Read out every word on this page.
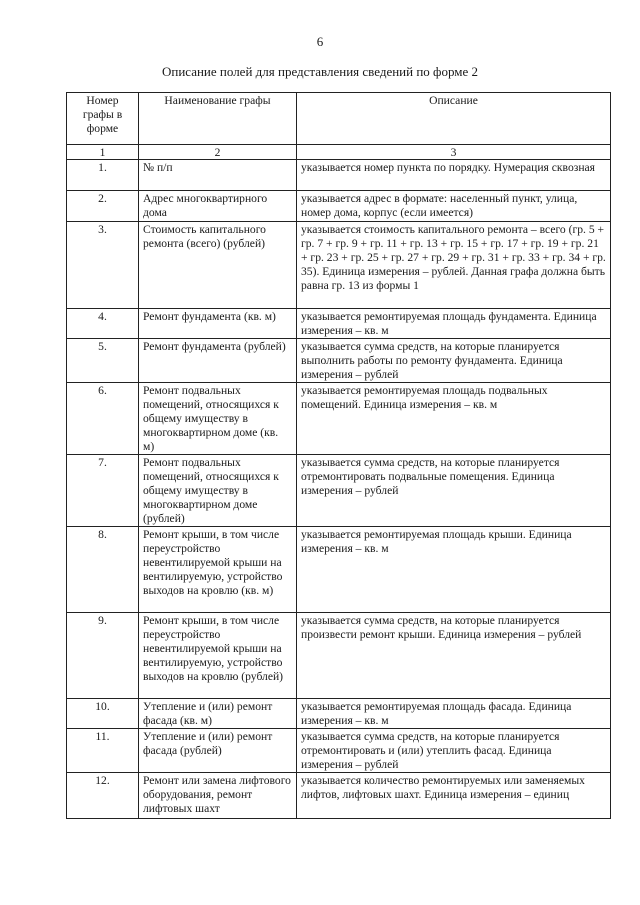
6
Описание полей для представления сведений по форме 2
Номер графы в форме	Наименование графы	Описание
1	2	3
1.	№ п/п	указывается номер пункта по порядку. Нумерация сквозная
2.	Адрес многоквартирного дома	указывается адрес в формате: населенный пункт, улица, номер дома, корпус (если имеется)
3.	Стоимость капитального ремонта (всего) (рублей)	указывается стоимость капитального ремонта – всего (гр. 5 + гр. 7 + гр. 9 + гр. 11 + гр. 13 + гр. 15 + гр. 17 + гр. 19 + гр. 21 + гр. 23 + гр. 25 + гр. 27 + гр. 29 + гр. 31 + гр. 33 + гр. 34 + гр. 35). Единица измерения – рублей. Данная графа должна быть равна гр. 13 из формы 1
4.	Ремонт фундамента (кв. м)	указывается ремонтируемая площадь фундамента. Единица измерения – кв. м
5.	Ремонт фундамента (рублей)	указывается сумма средств, на которые планируется выполнить работы по ремонту фундамента. Единица измерения – рублей
6.	Ремонт подвальных помещений, относящихся к общему имуществу в многоквартирном доме (кв. м)	указывается ремонтируемая площадь подвальных помещений. Единица измерения – кв. м
7.	Ремонт подвальных помещений, относящихся к общему имуществу в многоквартирном доме (рублей)	указывается сумма средств, на которые планируется отремонтировать подвальные помещения. Единица измерения – рублей
8.	Ремонт крыши, в том числе переустройство невентилируемой крыши на вентилируемую, устройство выходов на кровлю (кв. м)	указывается ремонтируемая площадь крыши. Единица измерения – кв. м
9.	Ремонт крыши, в том числе переустройство невентилируемой крыши на вентилируемую, устройство выходов на кровлю (рублей)	указывается сумма средств, на которые планируется произвести ремонт крыши. Единица измерения – рублей
10.	Утепление и (или) ремонт фасада (кв. м)	указывается ремонтируемая площадь фасада. Единица измерения – кв. м
11.	Утепление и (или) ремонт фасада (рублей)	указывается сумма средств, на которые планируется отремонтировать и (или) утеплить фасад. Единица измерения – рублей
12.	Ремонт или замена лифтового оборудования, ремонт лифтовых шахт	указывается количество ремонтируемых или заменяемых лифтов, лифтовых шахт. Единица измерения – единиц
